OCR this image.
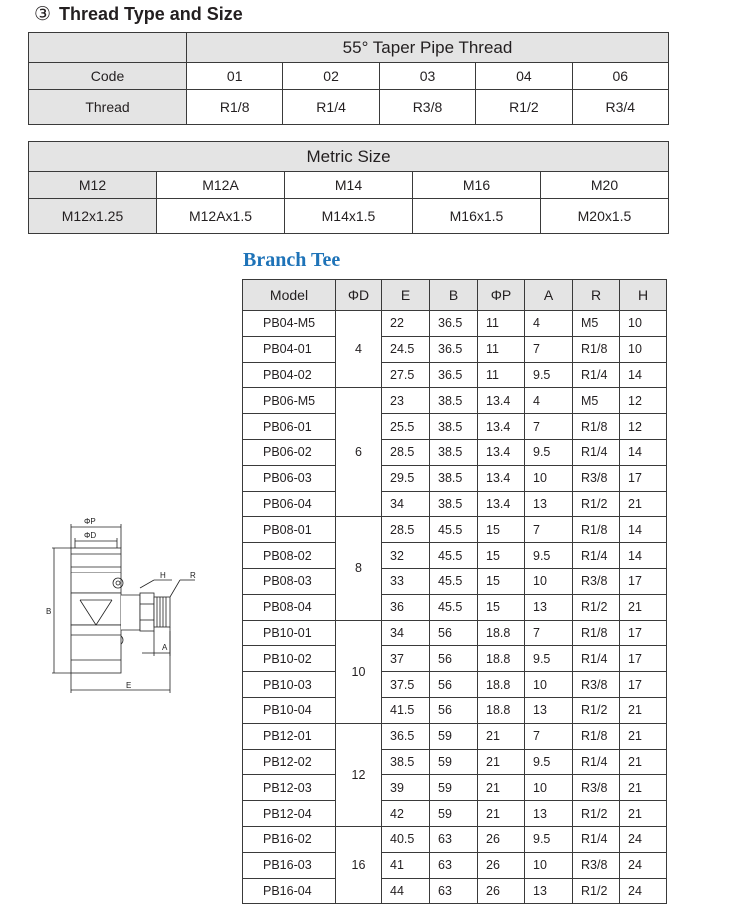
③ Thread Type and Size
	55° Taper Pipe Thread				
Code	01	02	03	04	06
Thread	R1/8	R1/4	R3/8	R1/2	R3/4
Metric Size				
M12	M12A	M14	M16	M20
M12x1.25	M12Ax1.5	M14x1.5	M16x1.5	M20x1.5
Branch Tee
Model	ΦD	E	B	ΦP	A	R	H
PB04-M5	4	22	36.5	11	4	M5	10
PB04-01		24.5	36.5	11	7	R1/8	10
PB04-02		27.5	36.5	11	9.5	R1/4	14
PB06-M5	6	23	38.5	13.4	4	M5	12
PB06-01		25.5	38.5	13.4	7	R1/8	12
PB06-02		28.5	38.5	13.4	9.5	R1/4	14
PB06-03		29.5	38.5	13.4	10	R3/8	17
PB06-04		34	38.5	13.4	13	R1/2	21
PB08-01	8	28.5	45.5	15	7	R1/8	14
PB08-02		32	45.5	15	9.5	R1/4	14
PB08-03		33	45.5	15	10	R3/8	17
PB08-04		36	45.5	15	13	R1/2	21
PB10-01	10	34	56	18.8	7	R1/8	17
PB10-02		37	56	18.8	9.5	R1/4	17
PB10-03		37.5	56	18.8	10	R3/8	17
PB10-04		41.5	56	18.8	13	R1/2	21
PB12-01	12	36.5	59	21	7	R1/8	21
PB12-02		38.5	59	21	9.5	R1/4	21
PB12-03		39	59	21	10	R3/8	21
PB12-04		42	59	21	13	R1/2	21
PB16-02	16	40.5	63	26	9.5	R1/4	24
PB16-03		41	63	26	10	R3/8	24
PB16-04		44	63	26	13	R1/2	24
ΦP
ΦD
H	R
B
A
E
